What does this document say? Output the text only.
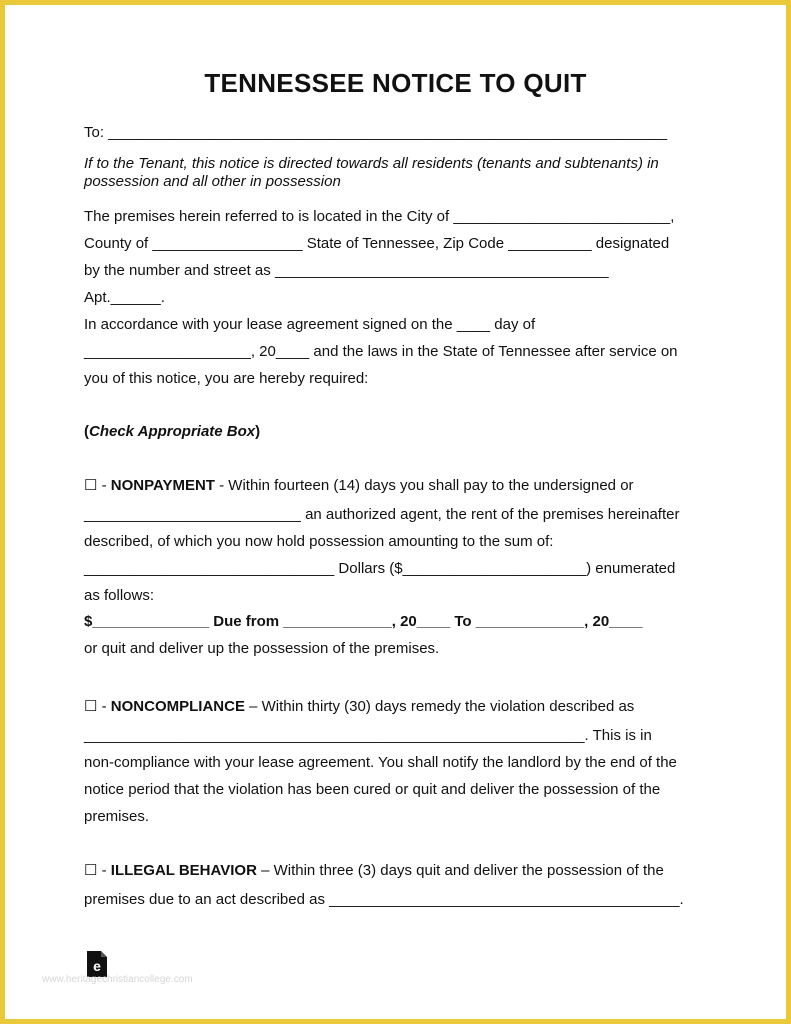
TENNESSEE NOTICE TO QUIT
To: ___________________________________________________________________
If to the Tenant, this notice is directed towards all residents (tenants and subtenants) in
possession and all other in possession
The premises herein referred to is located in the City of __________________________,
County of __________________ State of Tennessee, Zip Code __________ designated
by the number and street as ________________________________________
Apt.______.
In accordance with your lease agreement signed on the ____ day of
____________________, 20____ and the laws in the State of Tennessee after service on
you of this notice, you are hereby required:
(Check Appropriate Box)
☐ - NONPAYMENT - Within fourteen (14) days you shall pay to the undersigned or
__________________________ an authorized agent, the rent of the premises hereinafter
described, of which you now hold possession amounting to the sum of:
______________________________ Dollars ($______________________) enumerated
as follows:
$______________ Due from _____________, 20____ To _____________, 20____
or quit and deliver up the possession of the premises.
☐ - NONCOMPLIANCE – Within thirty (30) days remedy the violation described as
____________________________________________________________. This is in
non-compliance with your lease agreement. You shall notify the landlord by the end of the
notice period that the violation has been cured or quit and deliver the possession of the
premises.
☐ - ILLEGAL BEHAVIOR – Within three (3) days quit and deliver the possession of the
premises due to an act described as __________________________________________.
e
www.heritagechristiancollege.com
